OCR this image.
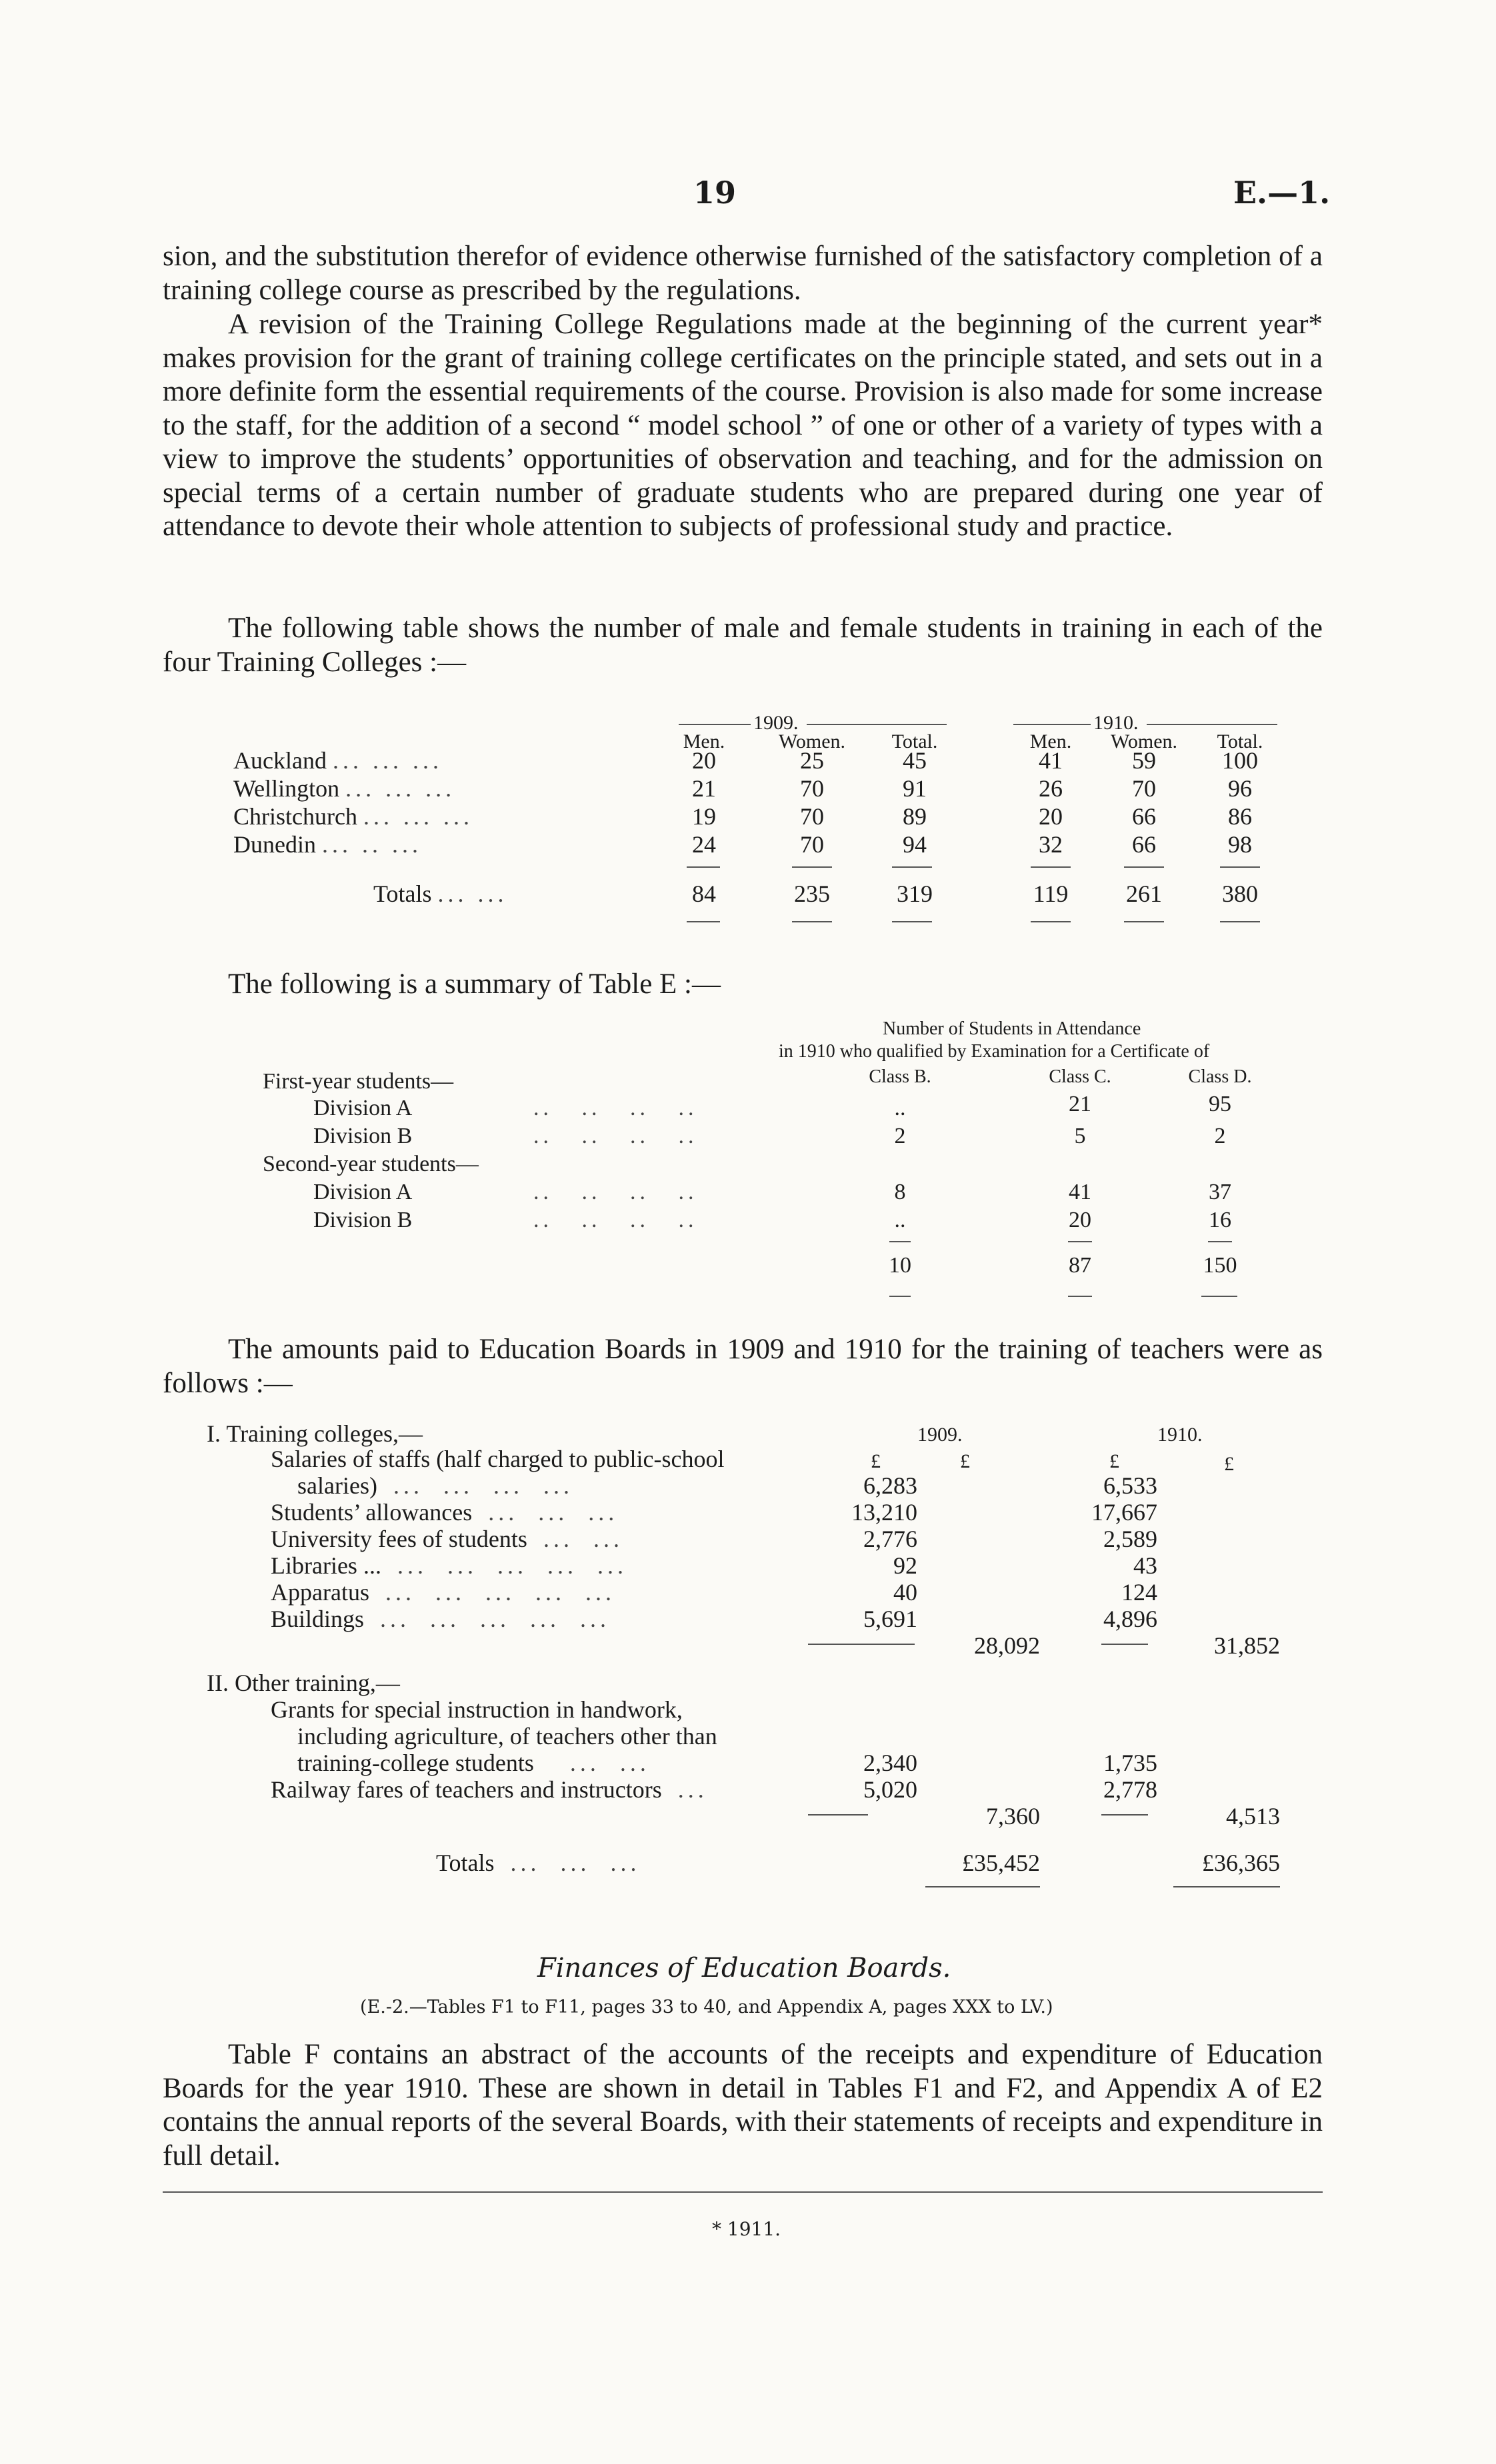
19	E.—1.
sion, and the substitution therefor of evidence otherwise furnished of the satisfactory completion of a training college course as prescribed by the regulations.
A revision of the Training College Regulations made at the beginning of the current year* makes provision for the grant of training college certificates on the principle stated, and sets out in a more definite form the essential requirements of the course. Provision is also made for some increase to the staff, for the addition of a second “ model school ” of one or other of a variety of types with a view to improve the students’ opportunities of observation and teaching, and for the admission on special terms of a certain number of graduate students who are prepared during one year of attendance to devote their whole attention to subjects of professional study and practice.
The following table shows the number of male and female students in training in each of the four Training Colleges :—
1909.	1910.
Men.	Women.	Total.	Men.	Women.	Total.
Auckland ... ... ...	20	25	45	41	59	100
Wellington ... ... ...	21	70	91	26	70	96
Christchurch ... ... ...	19	70	89	20	66	86
Dunedin ... .. ...	24	70	94	32	66	98
Totals ... ...	84	235	319	119	261	380
The following is a summary of Table E :—
Number of Students in Attendance
in 1910 who qualified by Examination for a Certificate of
Class B.	Class C.	Class D.
First-year students—
Division A	..   ..   ..   ..	..	21	95
Division B	..   ..   ..   ..	2	5	2
Second-year students—
Division A	..   ..   ..   ..	8	41	37
Division B	..   ..   ..   ..	..	20	16
10	87	150
The amounts paid to Education Boards in 1909 and 1910 for the training of teachers were as follows :—
I. Training colleges,—	1909.	1910.
Salaries of staffs (half charged to public-school	£	£	£	£
salaries)  ...  ...  ...  ...	6,283	6,533
Students’ allowances  ...  ...  ...	13,210	17,667
University fees of students  ...  ...	2,776	2,589
Libraries ...  ...  ...  ...  ...  ...	92	43
Apparatus  ...  ...  ...  ...  ...	40	124
Buildings  ...  ...  ...  ...  ...	5,691	4,896
28,092	31,852
II. Other training,—
Grants for special instruction in handwork,
including agriculture, of teachers other than
training-college students    ...  ...	2,340	1,735
Railway fares of teachers and instructors  ...	5,020	2,778
7,360	4,513
Totals  ...  ...  ...	£35,452	£36,365
Finances of Education Boards.
(E.-2.—Tables F1 to F11, pages 33 to 40, and Appendix A, pages XXX to LV.)
Table F contains an abstract of the accounts of the receipts and expenditure of Education Boards for the year 1910. These are shown in detail in Tables F1 and F2, and Appendix A of E2 contains the annual reports of the several Boards, with their statements of receipts and expenditure in full detail.
* 1911.
